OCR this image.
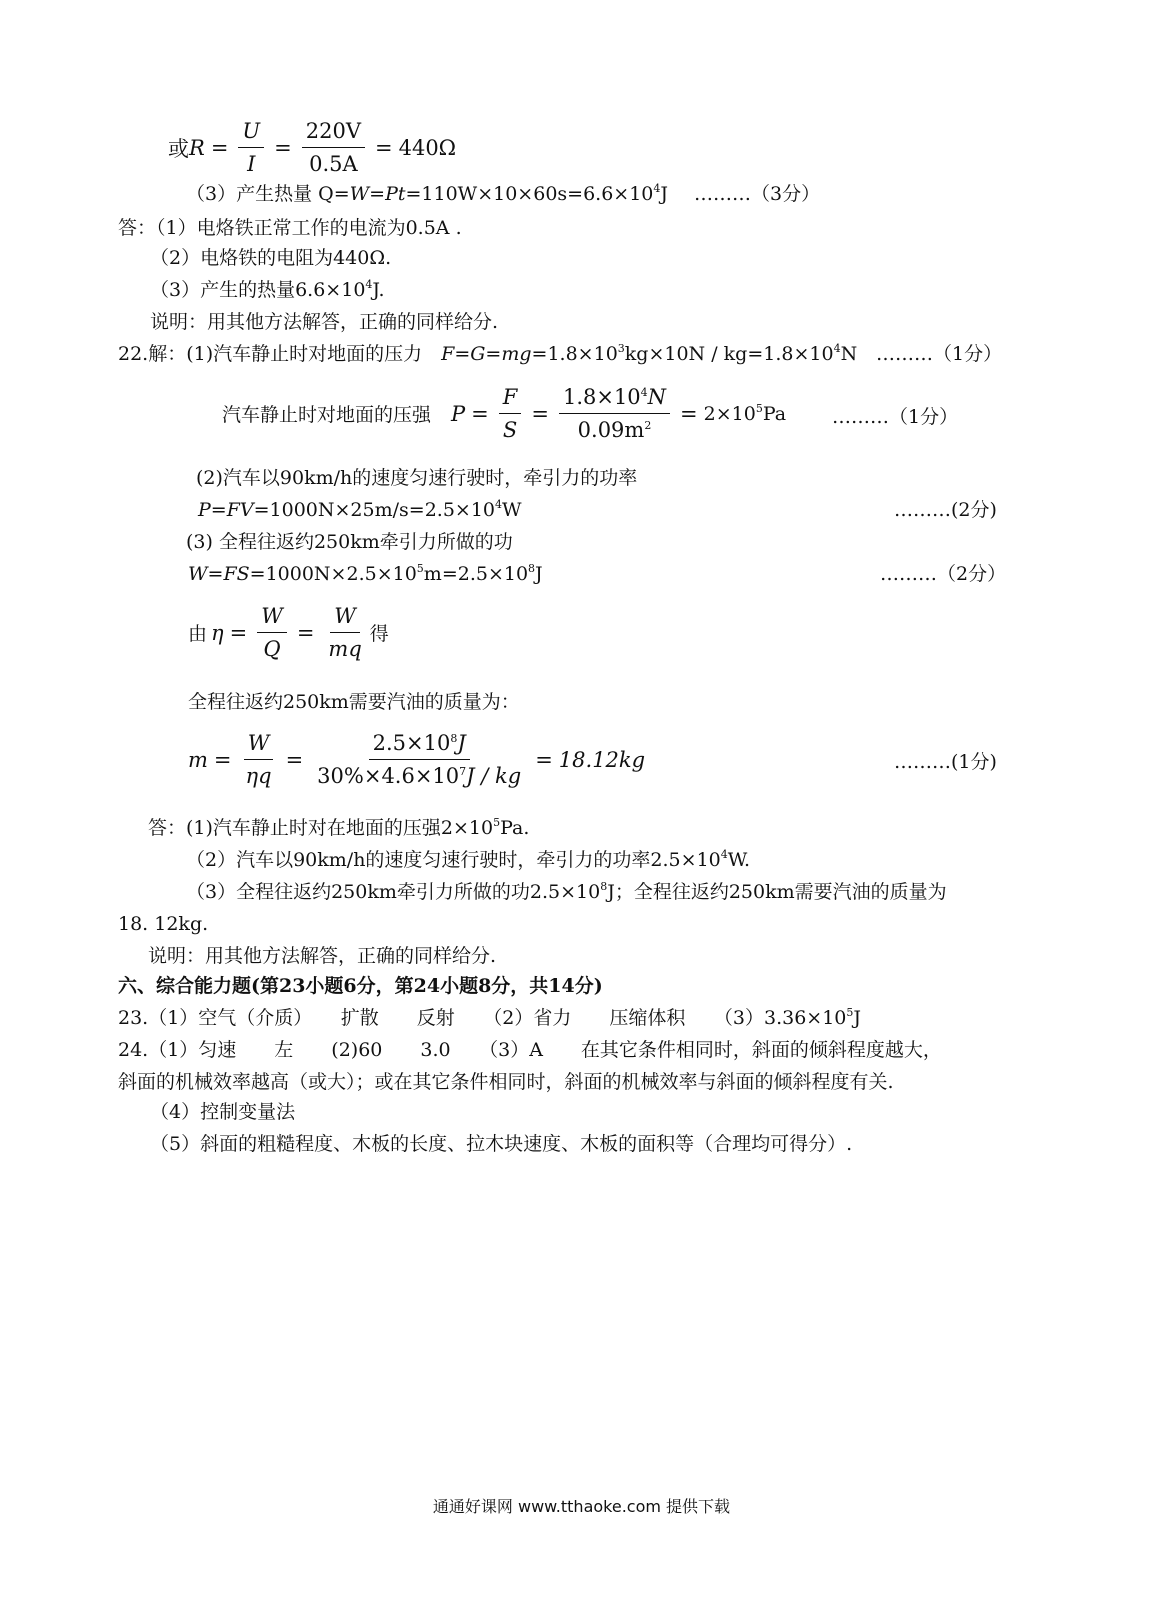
或 $R = \frac{U}{I} = \frac{220V}{0.5A} = 440\Omega$
（3）产生热量 $Q=W=Pt=110W\times 10\times 60s=6.6\times 10^4J$ ………（3分）
答：（1）电烙铁正常工作的电流为0.5A .
（2）电烙铁的电阻为440Ω.
（3）产生的热量$6.6\times 10^4J$.
说明：用其他方法解答，正确的同样给分.
22.解：(1)汽车静止时对地面的压力　 $F=G=mg=1.8\times 10^3kg\times 10N / kg=1.8\times 10^4N$ ………（1分）
汽车静止时对地面的压强 $P = \frac{F}{S} = \frac{1.8\times 10^4N}{0.09m^2} = 2\times 10^5Pa$ ………（1分）
(2)汽车以90km/h的速度匀速行驶时，牵引力的功率
$P=FV=1000N\times 25m/s=2.5\times 10^4W$	………(2分)
(3) 全程往返约250km牵引力所做的功
$W=FS=1000N\times 2.5\times 10^5m=2.5\times 10^8J$	………（2分）
由 $\eta = \frac{W}{Q} = \frac{W}{mq}$ 得
全程往返约250km需要汽油的质量为：
$m = \frac{W}{\eta q} = \frac{2.5\times 10^8J}{30\%\times 4.6\times 10^7J / kg} = 18.12kg$	………(1分)
答：(1)汽车静止时对在地面的压强$2\times 10^5Pa$.
（2）汽车以90km/h的速度匀速行驶时，牵引力的功率$2.5\times 10^4W$.
（3）全程往返约250km牵引力所做的功$2.5\times 10^8J$；全程往返约250km需要汽油的质量为
18. 12kg.
说明：用其他方法解答，正确的同样给分.
六、综合能力题(第23小题6分，第24小题8分，共14分)
23.（1）空气（介质）　　扩散　　反射　　（2）省力　　压缩体积　　$(3)3.36\times 10^5J$
24.（1）匀速　　左　　(2)60　　3.0　　（3）A　　在其它条件相同时，斜面的倾斜程度越大，
斜面的机械效率越高（或大）；或在其它条件相同时，斜面的机械效率与斜面的倾斜程度有关.
（4）控制变量法
（5）斜面的粗糙程度、木板的长度、拉木块速度、木板的面积等（合理均可得分）.
通通好课网 www.tthaoke.com 提供下载
